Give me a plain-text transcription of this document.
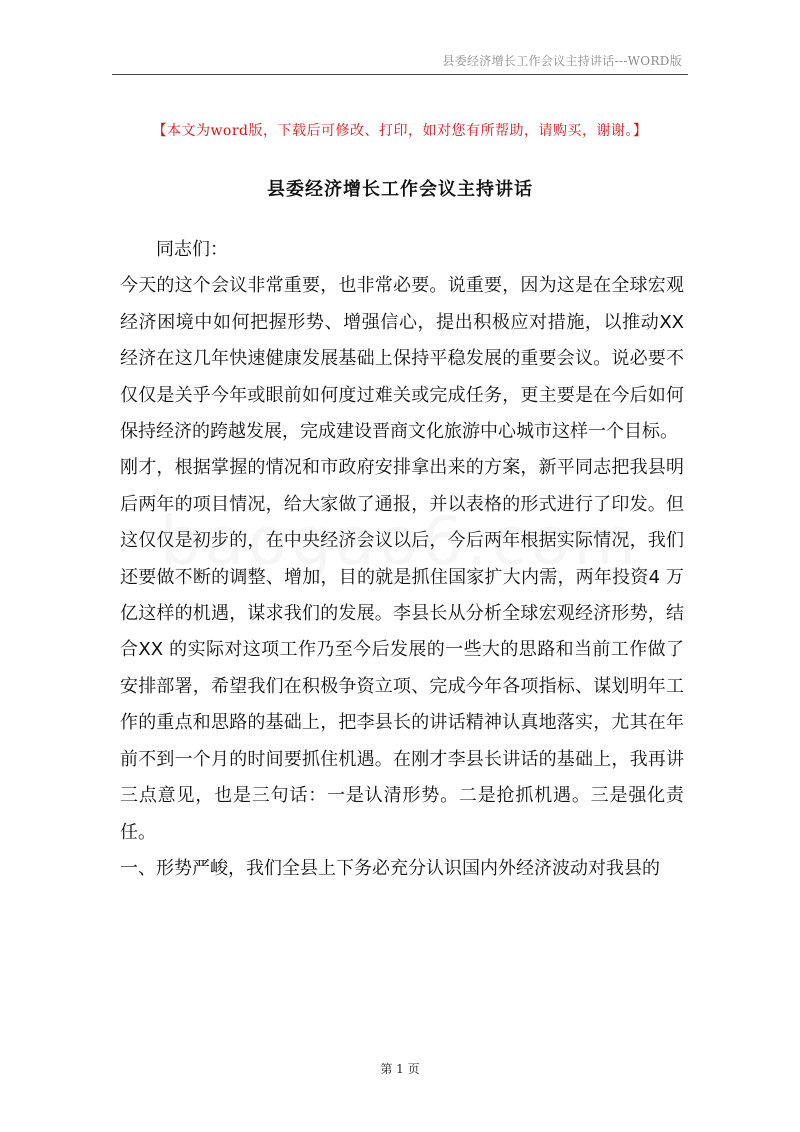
县委经济增长工作会议主持讲话---WORD版
【本文为word版，下载后可修改、打印，如对您有所帮助，请购买，谢谢。】
县委经济增长工作会议主持讲话

同志们：

今天的这个会议非常重要，也非常必要。说重要，因为这是在全球宏观经济困境中如何把握形势、增强信心，提出积极应对措施，以推动XX 经济在这几年快速健康发展基础上保持平稳发展的重要会议。说必要不仅仅是关乎今年或眼前如何度过难关或完成任务，更主要是在今后如何保持经济的跨越发展，完成建设晋商文化旅游中心城市这样一个目标。

刚才，根据掌握的情况和市政府安排拿出来的方案，新平同志把我县明后两年的项目情况，给大家做了通报，并以表格的形式进行了印发。但这仅仅是初步的，在中央经济会议以后，今后两年根据实际情况，我们还要做不断的调整、增加，目的就是抓住国家扩大内需，两年投资4 万亿这样的机遇，谋求我们的发展。李县长从分析全球宏观经济形势，结合XX 的实际对这项工作乃至今后发展的一些大的思路和当前工作做了安排部署，希望我们在积极争资立项、完成今年各项指标、谋划明年工作的重点和思路的基础上，把李县长的讲话精神认真地落实，尤其在年前不到一个月的时间要抓住机遇。在刚才李县长讲话的基础上，我再讲三点意见，也是三句话：一是认清形势。二是抢抓机遇。三是强化责任。

一、形势严峻，我们全县上下务必充分认识国内外经济波动对我县的

第 1 页
